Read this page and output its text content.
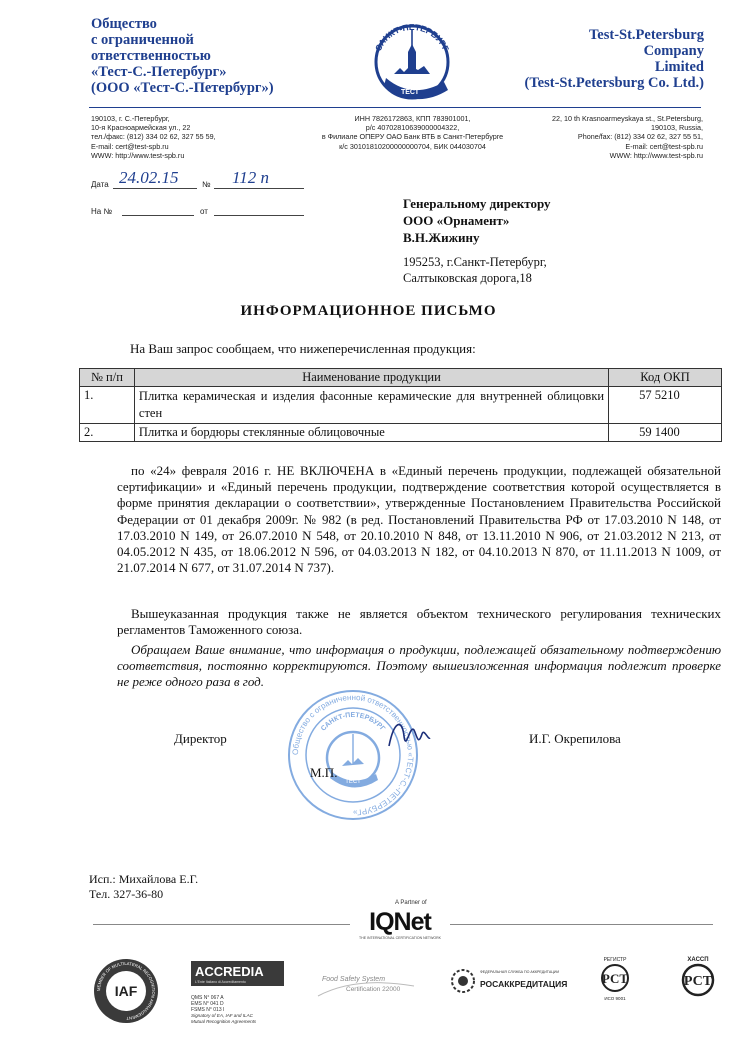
Общество
с ограниченной
ответственностью
«Тест-С.-Петербург»
(ООО «Тест-С.-Петербург»)
САНКТ-ПЕТЕРБУРГ
ТЕСТ
Test-St.Petersburg
Company
Limited
(Test-St.Petersburg Co. Ltd.)
190103, г. С.-Петербург,
10-я Красноармейская ул., 22
тел./факс: (812) 334 02 62, 327 55 59,
E-mail: cert@test-spb.ru
WWW: http://www.test-spb.ru
ИНН 7826172863, КПП 783901001,
р/с 40702810639000004322,
в Филиале ОПЕРУ ОАО Банк ВТБ в Санкт-Петербурге
к/с 30101810200000000704, БИК 044030704
22, 10 th Krasnoarmeyskaya st., St.Petersburg,
190103, Russia,
Phone/fax: (812) 334 02 62, 327 55 51,
E-mail: cert@test-spb.ru
WWW: http://www.test-spb.ru
Дата 24.02.15	№ 112 п
На №	от
Генеральному директору
ООО «Орнамент»
В.Н.Жижину
195253, г.Санкт-Петербург,
Салтыковская дорога,18
ИНФОРМАЦИОННОЕ ПИСЬМО
На Ваш запрос сообщаем, что нижеперечисленная продукция:
№ п/п	Наименование продукции	Код ОКП
1.	Плитка керамическая и изделия фасонные керамические для внутренней облицовки стен	57 5210
2.	Плитка и бордюры стеклянные облицовочные	59 1400
по «24» февраля 2016 г. НЕ ВКЛЮЧЕНА в «Единый перечень продукции, подлежащей обязательной сертификации» и «Единый перечень продукции, подтверждение соответствия которой осуществляется в форме принятия декларации о соответствии», утвержденные Постановлением Правительства Российской Федерации от 01 декабря 2009г. № 982 (в ред. Постановлений Правительства РФ от 17.03.2010 N 148, от 17.03.2010 N 149, от 26.07.2010 N 548, от 20.10.2010 N 848, от 13.11.2010 N 906, от 21.03.2012 N 213, от 04.05.2012 N 435, от 18.06.2012 N 596, от 04.03.2013 N 182, от 04.10.2013 N 870, от 11.11.2013 N 1009, от 21.07.2014 N 677, от 31.07.2014 N 737).
Вышеуказанная продукция также не является объектом технического регулирования технических регламентов Таможенного союза.
Обращаем Ваше внимание, что информация о продукции, подлежащей обязательному подтверждению соответствия, постоянно корректируются. Поэтому вышеизложенная информация подлежит проверке не реже одного раза в год.
Общество с ограниченной ответственностью «ТЕСТ-С.-ПЕТЕРБУРГ»
САНКТ-ПЕТЕРБУРГ
ТЕСТ
Директор	И.Г. Окрепилова
М.П.
Исп.: Михайлова Е.Г.
Тел. 327-36-80
A Partner of
IQNet
THE INTERNATIONAL CERTIFICATION NETWORK
MEMBER OF MULTILATERAL RECOGNITION ARRANGEMENT
IAF
ACCREDIA
L'Ente Italiano di Accreditamento
QMS N° 067 A
EMS N° 041 D
FSMS N° 013 I
Signatory of EA, IAF and ILAC
Mutual Recognition Agreements
Food Safety System
Certification 22000
ФЕДЕРАЛЬНАЯ СЛУЖБА ПО АККРЕДИТАЦИИ
РОСАККРЕДИТАЦИЯ
РЕГИСТР
РСТ
ИСО 9001
ХАССП
РСТ
